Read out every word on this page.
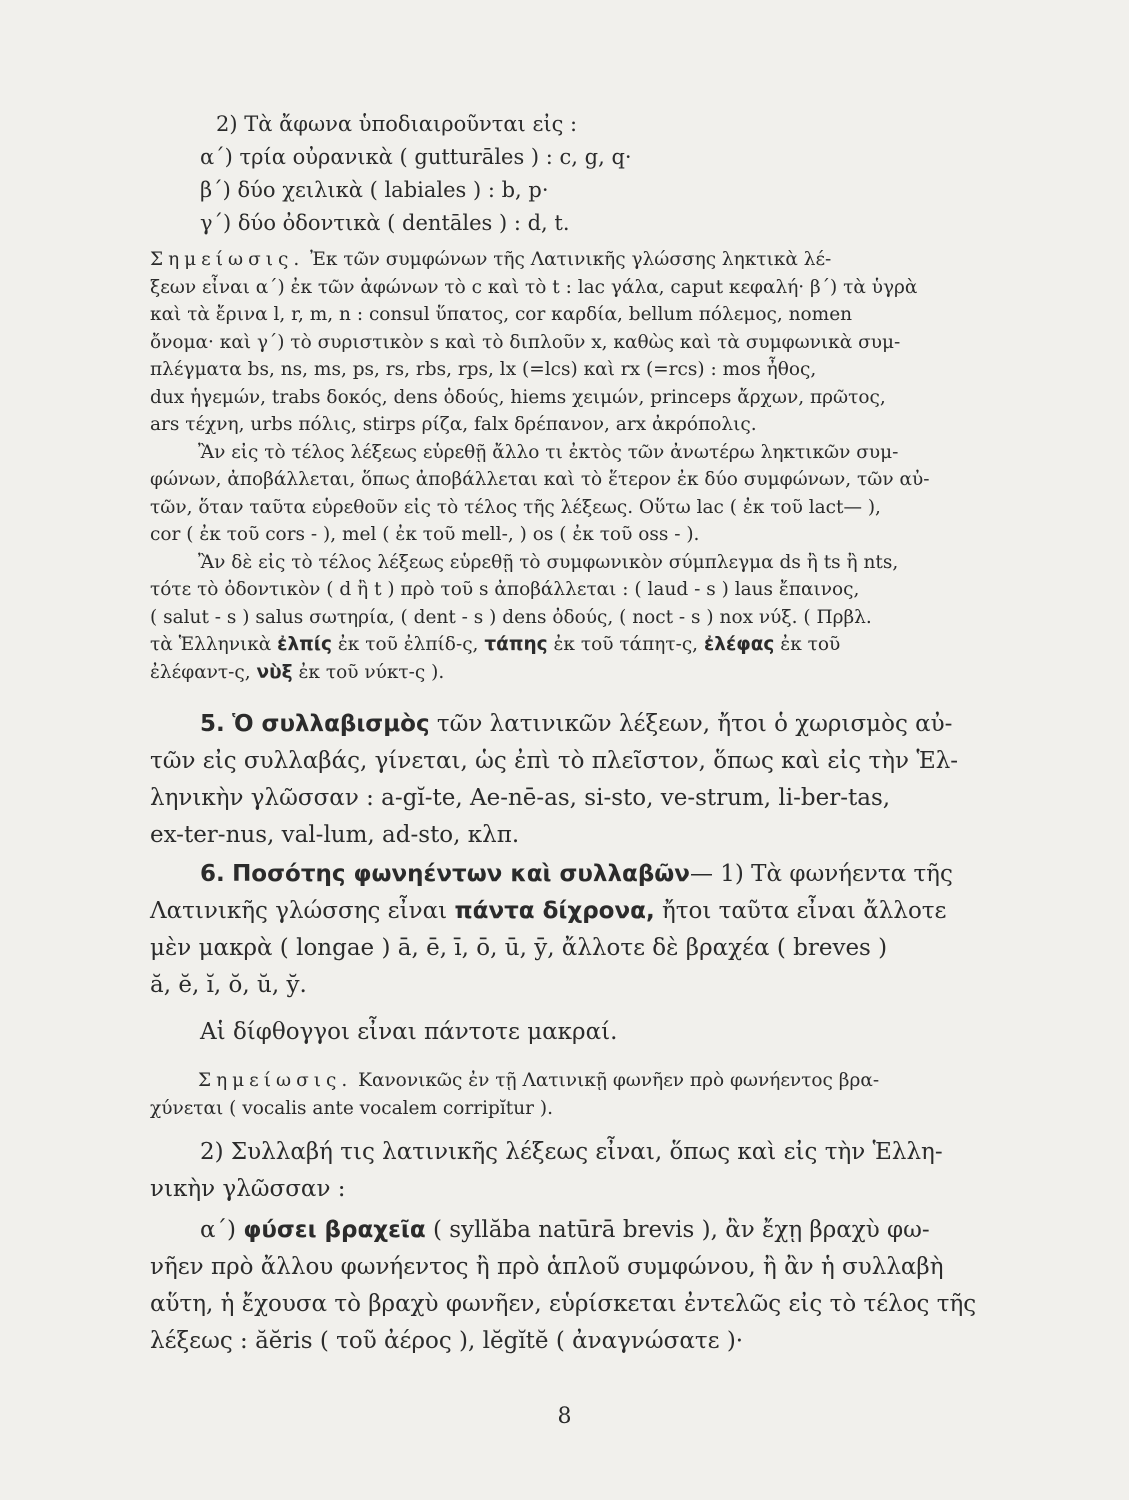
2) Τὰ ἄφωνα ὑποδιαιροῦνται εἰς :
α΄) τρία οὐρανικὰ ( gutturāles ) : c, g, q·
β΄) δύο χειλικὰ ( labiales ) : b, p·
γ΄) δύο ὀδοντικὰ ( dentāles ) : d, t.
Σημείωσις. Ἐκ τῶν συμφώνων τῆς Λατινικῆς γλώσσης ληκτικὰ λέ-
ξεων εἶναι α΄) ἐκ τῶν ἀφώνων τὸ c καὶ τὸ t : lac γάλα, caput κεφαλή· β΄) τὰ ὑγρὰ
καὶ τὰ ἔρινα l, r, m, n : consul ὕπατος, cor καρδία, bellum πόλεμος, nomen
ὄνομα· καὶ γ΄) τὸ συριστικὸν s καὶ τὸ διπλοῦν x, καθὼς καὶ τὰ συμφωνικὰ συμ-
πλέγματα bs, ns, ms, ps, rs, rbs, rps, lx (=lcs) καὶ rx (=rcs) : mos ἦθος,
dux ἡγεμών, trabs δοκός, dens ὀδούς, hiems χειμών, princeps ἄρχων, πρῶτος,
ars τέχνη, urbs πόλις, stirps ρίζα, falx δρέπανον, arx ἀκρόπολις.
Ἂν εἰς τὸ τέλος λέξεως εὑρεθῇ ἄλλο τι ἐκτὸς τῶν ἀνωτέρω ληκτικῶν συμ-
φώνων, ἀποβάλλεται, ὅπως ἀποβάλλεται καὶ τὸ ἕτερον ἐκ δύο συμφώνων, τῶν αὐ-
τῶν, ὅταν ταῦτα εὑρεθοῦν εἰς τὸ τέλος τῆς λέξεως. Οὕτω lac ( ἐκ τοῦ lact— ),
cor ( ἐκ τοῦ cors - ), mel ( ἐκ τοῦ mell-, ) os ( ἐκ τοῦ oss - ).
Ἂν δὲ εἰς τὸ τέλος λέξεως εὑρεθῇ τὸ συμφωνικὸν σύμπλεγμα ds ἢ ts ἢ nts,
τότε τὸ ὀδοντικὸν ( d ἢ t ) πρὸ τοῦ s ἀποβάλλεται : ( laud - s ) laus ἔπαινος,
( salut - s ) salus σωτηρία, ( dent - s ) dens ὀδούς, ( noct - s ) nox νύξ. ( Πρβλ.
τὰ Ἑλληνικὰ ἐλπίς ἐκ τοῦ ἐλπίδ-ς, τάπης ἐκ τοῦ τάπητ-ς, ἐλέφας ἐκ τοῦ
ἐλέφαντ-ς, νὺξ ἐκ τοῦ νύκτ-ς ).
5. Ὁ συλλαβισμὸς τῶν λατινικῶν λέξεων, ἤτοι ὁ χωρισμὸς αὐ-
τῶν εἰς συλλαβάς, γίνεται, ὡς ἐπὶ τὸ πλεῖστον, ὅπως καὶ εἰς τὴν Ἑλ-
ληνικὴν γλῶσσαν : a-gĭ-te, Ae-nē-as, si-sto, ve-strum, li-ber-tas,
ex-ter-nus, val-lum, ad-sto, κλπ.
6. Ποσότης φωνηέντων καὶ συλλαβῶν— 1) Τὰ φωνήεντα τῆς
Λατινικῆς γλώσσης εἶναι πάντα δίχρονα, ἤτοι ταῦτα εἶναι ἄλλοτε
μὲν μακρὰ ( longae ) ā, ē, ī, ō, ū, ȳ, ἄλλοτε δὲ βραχέα ( breves )
ă, ĕ, ĭ, ŏ, ŭ, y̆.
Αἱ δίφθογγοι εἶναι πάντοτε μακραί.
Σημείωσις. Κανονικῶς ἐν τῇ Λατινικῇ φωνῆεν πρὸ φωνήεντος βρα-
χύνεται ( vocalis ante vocalem corripĭtur ).
2) Συλλαβή τις λατινικῆς λέξεως εἶναι, ὅπως καὶ εἰς τὴν Ἑλλη-
νικὴν γλῶσσαν :
α΄) φύσει βραχεῖα ( syllăba natūrā brevis ), ἂν ἔχῃ βραχὺ φω-
νῆεν πρὸ ἄλλου φωνήεντος ἢ πρὸ ἁπλοῦ συμφώνου, ἢ ἂν ἡ συλλαβὴ
αὕτη, ἡ ἔχουσα τὸ βραχὺ φωνῆεν, εὑρίσκεται ἐντελῶς εἰς τὸ τέλος τῆς
λέξεως : ăĕris ( τοῦ ἀέρος ), lĕgĭtĕ ( ἀναγνώσατε )·
8
